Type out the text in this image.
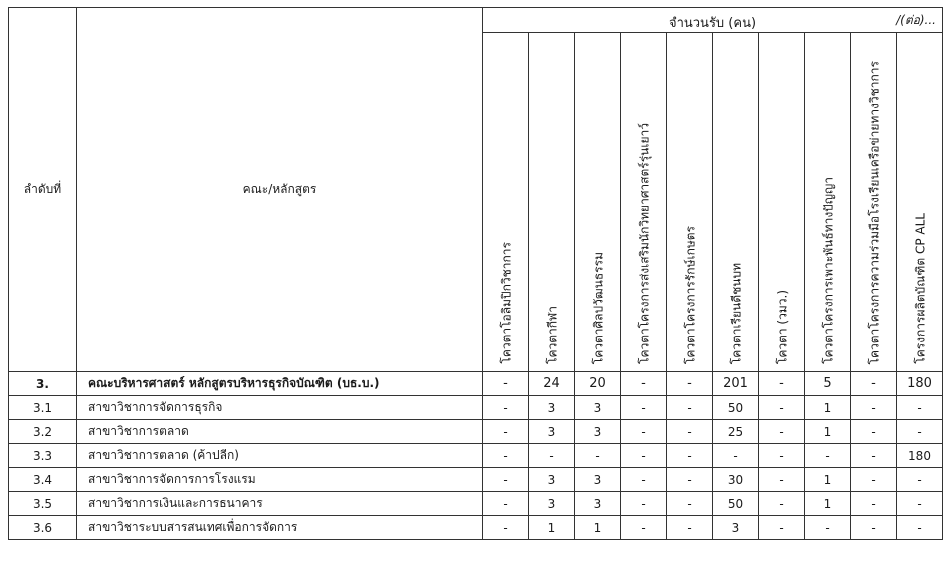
ลำดับที่	คณะ/หลักสูตร	จำนวนรับ (คน) /(ต่อ)...									

		โควตาโอลิมปิกวิชาการ	โควตากีฬา	โควตาศิลปวัฒนธรรม	โควตาโครงการส่งเสริมนักวิทยาศาสตร์รุ่นเยาว์	โควตาโครงการรักษ์เกษตร	โควตาเรียนดีชนบท	โควตา (วมว.)	โควตาโครงการเพาะพันธ์ทางปัญญา	โควตาโครงการความร่วมมือโรงเรียนเครือข่ายทางวิชาการ	โครงการผลิตบัณฑิต CP ALL

3.	คณะบริหารศาสตร์ หลักสูตรบริหารธุรกิจบัณฑิต (บธ.บ.)	-	24	20	-	-	201	-	5	-	180
3.1	สาขาวิชาการจัดการธุรกิจ	-	3	3	-	-	50	-	1	-	-
3.2	สาขาวิชาการตลาด	-	3	3	-	-	25	-	1	-	-
3.3	สาขาวิชาการตลาด (ค้าปลีก)	-	-	-	-	-	-	-	-	-	180
3.4	สาขาวิชาการจัดการการโรงแรม	-	3	3	-	-	30	-	1	-	-
3.5	สาขาวิชาการเงินและการธนาคาร	-	3	3	-	-	50	-	1	-	-
3.6	สาขาวิชาระบบสารสนเทศเพื่อการจัดการ	-	1	1	-	-	3	-	-	-	-
